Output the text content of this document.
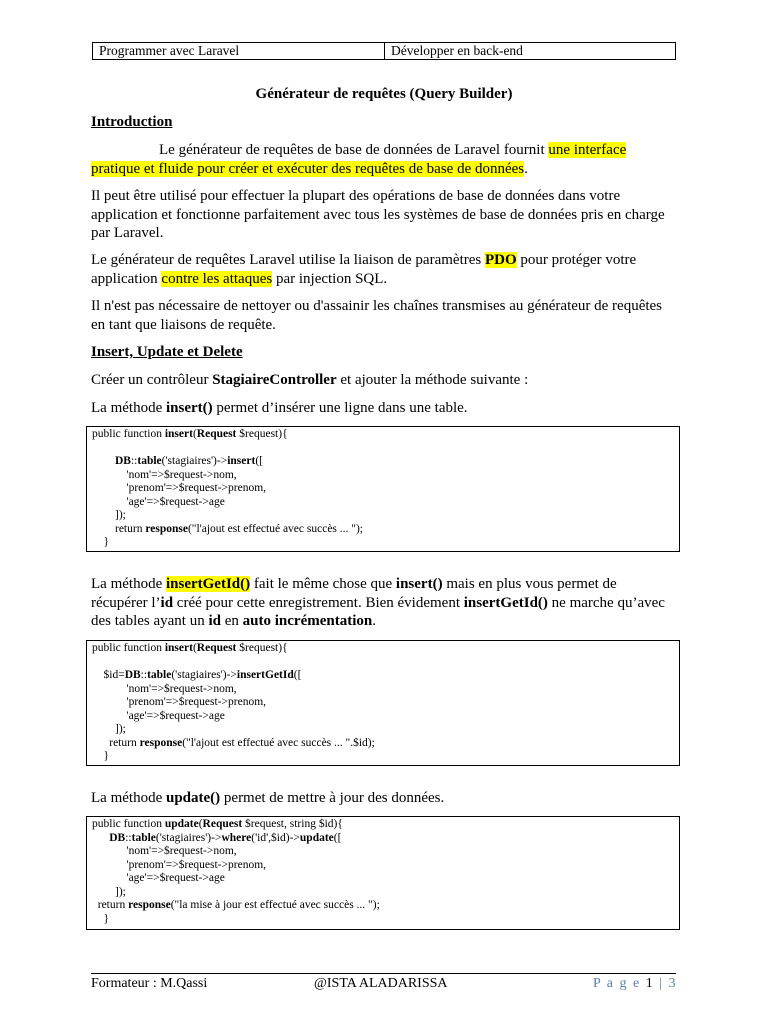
Programmer avec Laravel	Développer en back-end
Générateur de requêtes (Query Builder)
Introduction
Le générateur de requêtes de base de données de Laravel fournit une interface pratique et fluide pour créer et exécuter des requêtes de base de données.
Il peut être utilisé pour effectuer la plupart des opérations de base de données dans votre application et fonctionne parfaitement avec tous les systèmes de base de données pris en charge par Laravel.
Le générateur de requêtes Laravel utilise la liaison de paramètres PDO pour protéger votre application contre les attaques par injection SQL.
Il n'est pas nécessaire de nettoyer ou d'assainir les chaînes transmises au générateur de requêtes en tant que liaisons de requête.
Insert, Update et Delete
Créer un contrôleur StagiaireController et ajouter la méthode suivante :
La méthode insert() permet d’insérer une ligne dans une table.
public function insert(Request $request){
DB::table('stagiaires')->insert([
'nom'=>$request->nom,
'prenom'=>$request->prenom,
'age'=>$request->age
]);
return response("l'ajout est effectué avec succès ... ");
}
La méthode insertGetId() fait le même chose que insert() mais en plus vous permet de récupérer l’id créé pour cette enregistrement. Bien évidement insertGetId() ne marche qu’avec des tables ayant un id en auto incrémentation.
public function insert(Request $request){
$id=DB::table('stagiaires')->insertGetId([
'nom'=>$request->nom,
'prenom'=>$request->prenom,
'age'=>$request->age
]);
return response("l'ajout est effectué avec succès ... ".$id);
}
La méthode update() permet de mettre à jour des données.
public function update(Request $request, string $id){
DB::table('stagiaires')->where('id',$id)->update([
'nom'=>$request->nom,
'prenom'=>$request->prenom,
'age'=>$request->age
]);
return response("la mise à jour est effectué avec succès ... ");
}
Formateur : M.Qassi	@ISTA ALADARISSA	P a g e 1 | 3
